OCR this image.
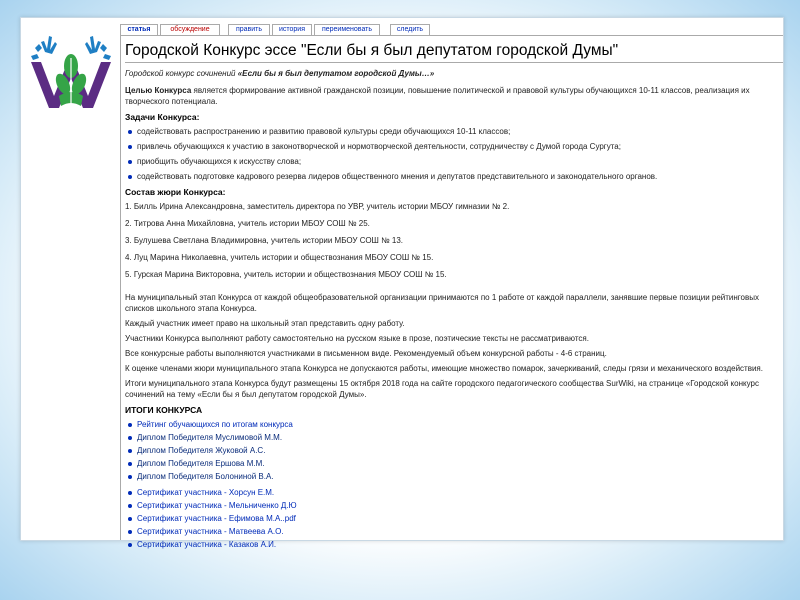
статья	обсуждение	править	история	переименовать	следить
Городской Конкурс эссе "Если бы я был депутатом городской Думы"
Городской конкурс сочинений «Если бы я был депутатом городской Думы…»
Целью Конкурса является формирование активной гражданской позиции, повышение политической и правовой культуры обучающихся 10-11 классов, реализация их творческого потенциала.
Задачи Конкурса:
содействовать распространению и развитию правовой культуры среди обучающихся 10-11 классов;
привлечь обучающихся к участию в законотворческой и нормотворческой деятельности, сотрудничеству с Думой города Сургута;
приобщить обучающихся к искусству слова;
содействовать подготовке кадрового резерва лидеров общественного мнения и депутатов представительного и законодательного органов.
Состав жюри Конкурса:
1. Билль Ирина Александровна, заместитель директора по УВР, учитель истории МБОУ гимназии № 2.
2. Титрова Анна Михайловна, учитель истории МБОУ СОШ № 25.
3. Булушева Светлана Владимировна, учитель истории МБОУ СОШ № 13.
4. Луц Марина Николаевна, учитель истории и обществознания МБОУ СОШ № 15.
5. Гурская Марина Викторовна, учитель истории и обществознания МБОУ СОШ № 15.
На муниципальный этап Конкурса от каждой общеобразовательной организации принимаются по 1 работе от каждой параллели, занявшие первые позиции рейтинговых списков школьного этапа Конкурса.
Каждый участник имеет право на школьный этап представить одну работу.
Участники Конкурса выполняют работу самостоятельно на русском языке в прозе, поэтические тексты не рассматриваются.
Все конкурсные работы выполняются участниками в письменном виде. Рекомендуемый объем конкурсной работы - 4-6 страниц.
К оценке членами жюри муниципального этапа Конкурса не допускаются работы, имеющие множество помарок, зачеркиваний, следы грязи и механического воздействия.
Итоги муниципального этапа Конкурса будут размещены 15 октября 2018 года на сайте городского педагогического сообщества SurWiki, на странице «Городской конкурс сочинений на тему «Если бы я был депутатом городской Думы».
ИТОГИ КОНКУРСА
Рейтинг обучающихся по итогам конкурса
Диплом Победителя Муслимовой М.М.
Диплом Победителя Жуковой А.С.
Диплом Победителя Ершова М.М.
Диплом Победителя Болониной В.А.
Сертификат участника - Хорсун Е.М.
Сертификат участника - Мельниченко Д.Ю
Сертификат участника - Ефимова М.А..pdf
Сертификат участника - Матвеева А.О.
Сертификат участника - Казаков А.И.
